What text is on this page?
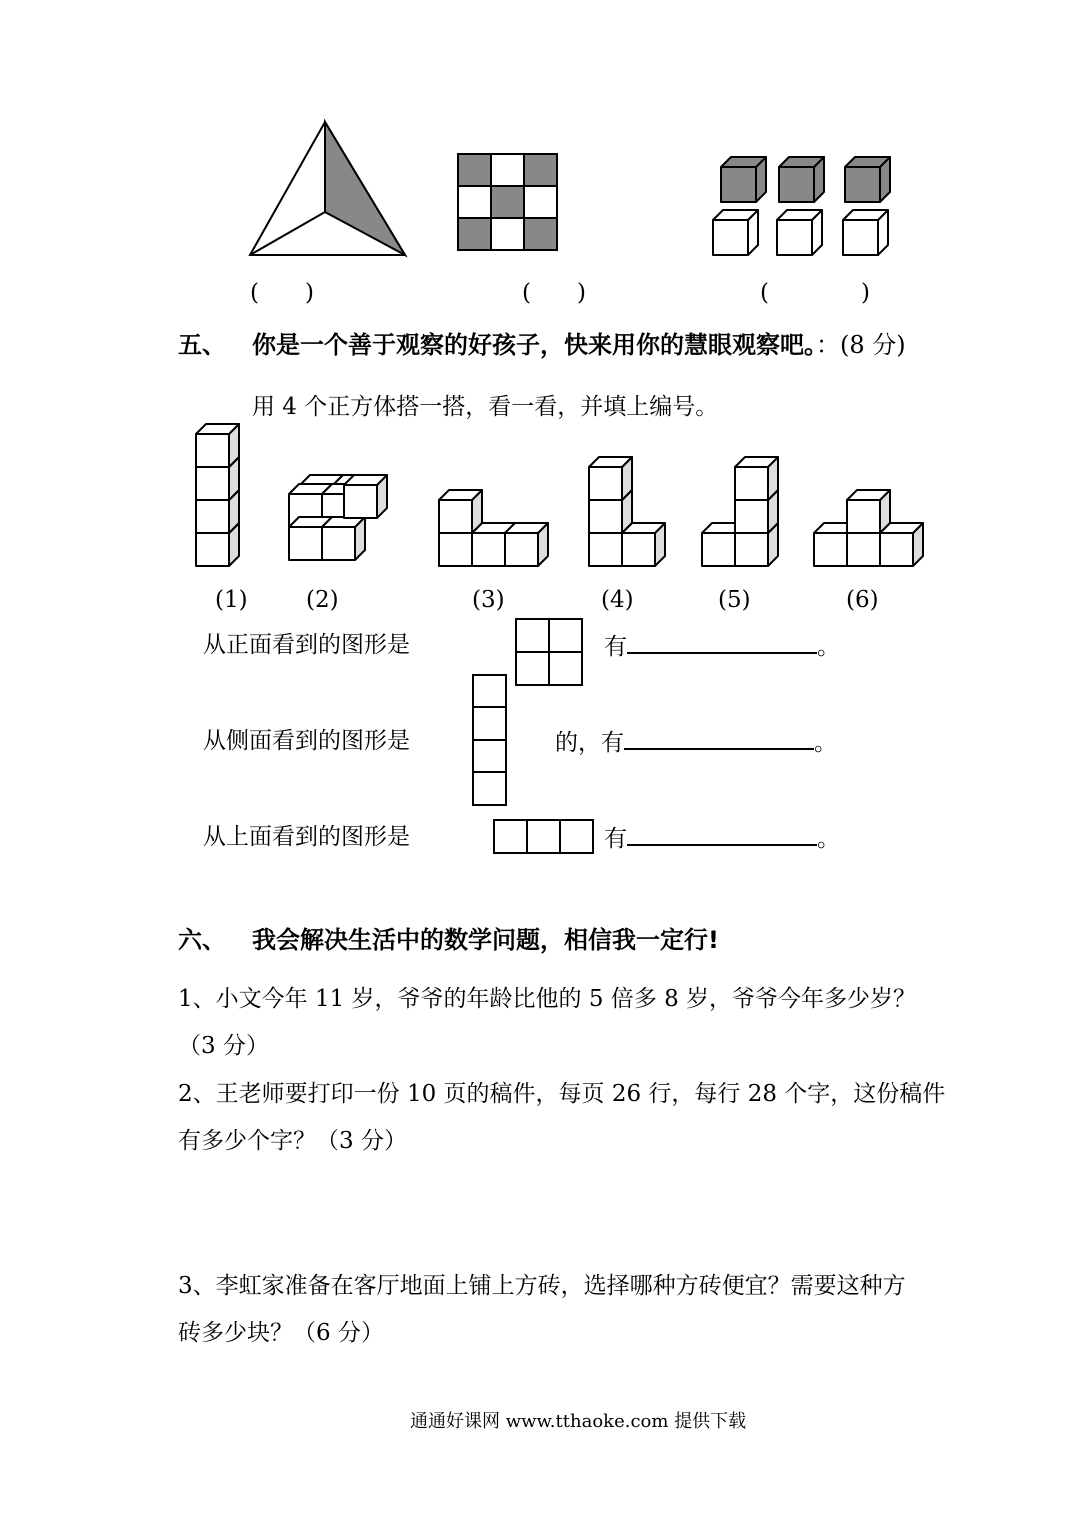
(　　)	(　　)	(　　　　)
五、 你是一个善于观察的好孩子，快来用你的慧眼观察吧。：(8 分)
用 4 个正方体搭一搭，看一看，并填上编号。
(1)	(2)	(3)	(4)	(5)	(6)
从正面看到的图形是	有	。
从侧面看到的图形是	的，有	。
从上面看到的图形是	有	。
六、 我会解决生活中的数学问题，相信我一定行!
1、小文今年 11 岁，爷爷的年龄比他的 5 倍多 8 岁，爷爷今年多少岁？
（3 分）
2、王老师要打印一份 10 页的稿件，每页 26 行，每行 28 个字，这份稿件
有多少个字？（3 分）
3、李虹家准备在客厅地面上铺上方砖，选择哪种方砖便宜？需要这种方
砖多少块？（6 分）
通通好课网 www.tthaoke.com 提供下载
